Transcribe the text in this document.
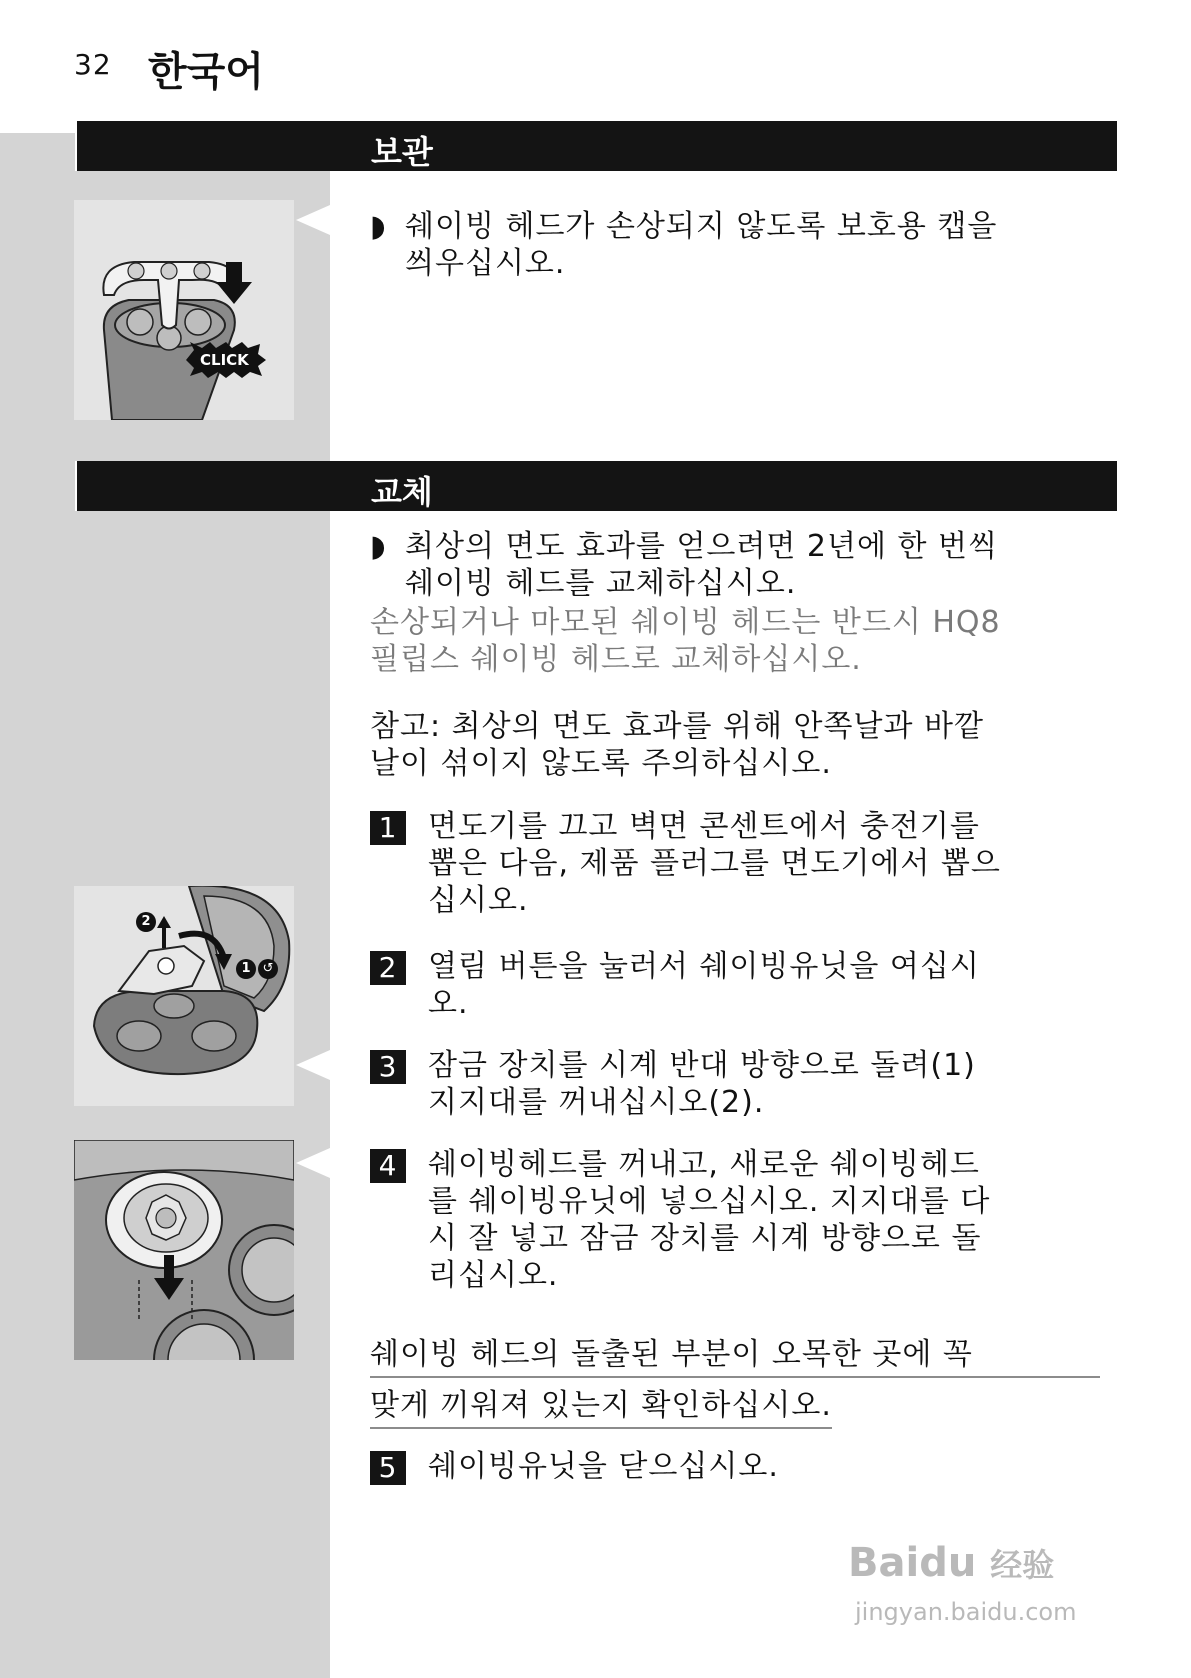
32 한국어
보관
CLICK
◗ 쉐이빙 헤드가 손상되지 않도록 보호용 캡을
씌우십시오.
교체
◗ 최상의 면도 효과를 얻으려면 2년에 한 번씩
쉐이빙 헤드를 교체하십시오.
손상되거나 마모된 쉐이빙 헤드는 반드시 HQ8
필립스 쉐이빙 헤드로 교체하십시오.
참고: 최상의 면도 효과를 위해 안쪽날과 바깥
날이 섞이지 않도록 주의하십시오.
2
1 ↺
1	면도기를 끄고 벽면 콘센트에서 충전기를
뽑은 다음, 제품 플러그를 면도기에서 뽑으
십시오.
2	열림 버튼을 눌러서 쉐이빙유닛을 여십시
오.
3	잠금 장치를 시계 반대 방향으로 돌려(1)
지지대를 꺼내십시오(2).
4	쉐이빙헤드를 꺼내고, 새로운 쉐이빙헤드
를 쉐이빙유닛에 넣으십시오. 지지대를 다
시 잘 넣고 잠금 장치를 시계 방향으로 돌
리십시오.
쉐이빙 헤드의 돌출된 부분이 오목한 곳에 꼭
맞게 끼워져 있는지 확인하십시오.
5	쉐이빙유닛을 닫으십시오.
Baidu 经验
jingyan.baidu.com
